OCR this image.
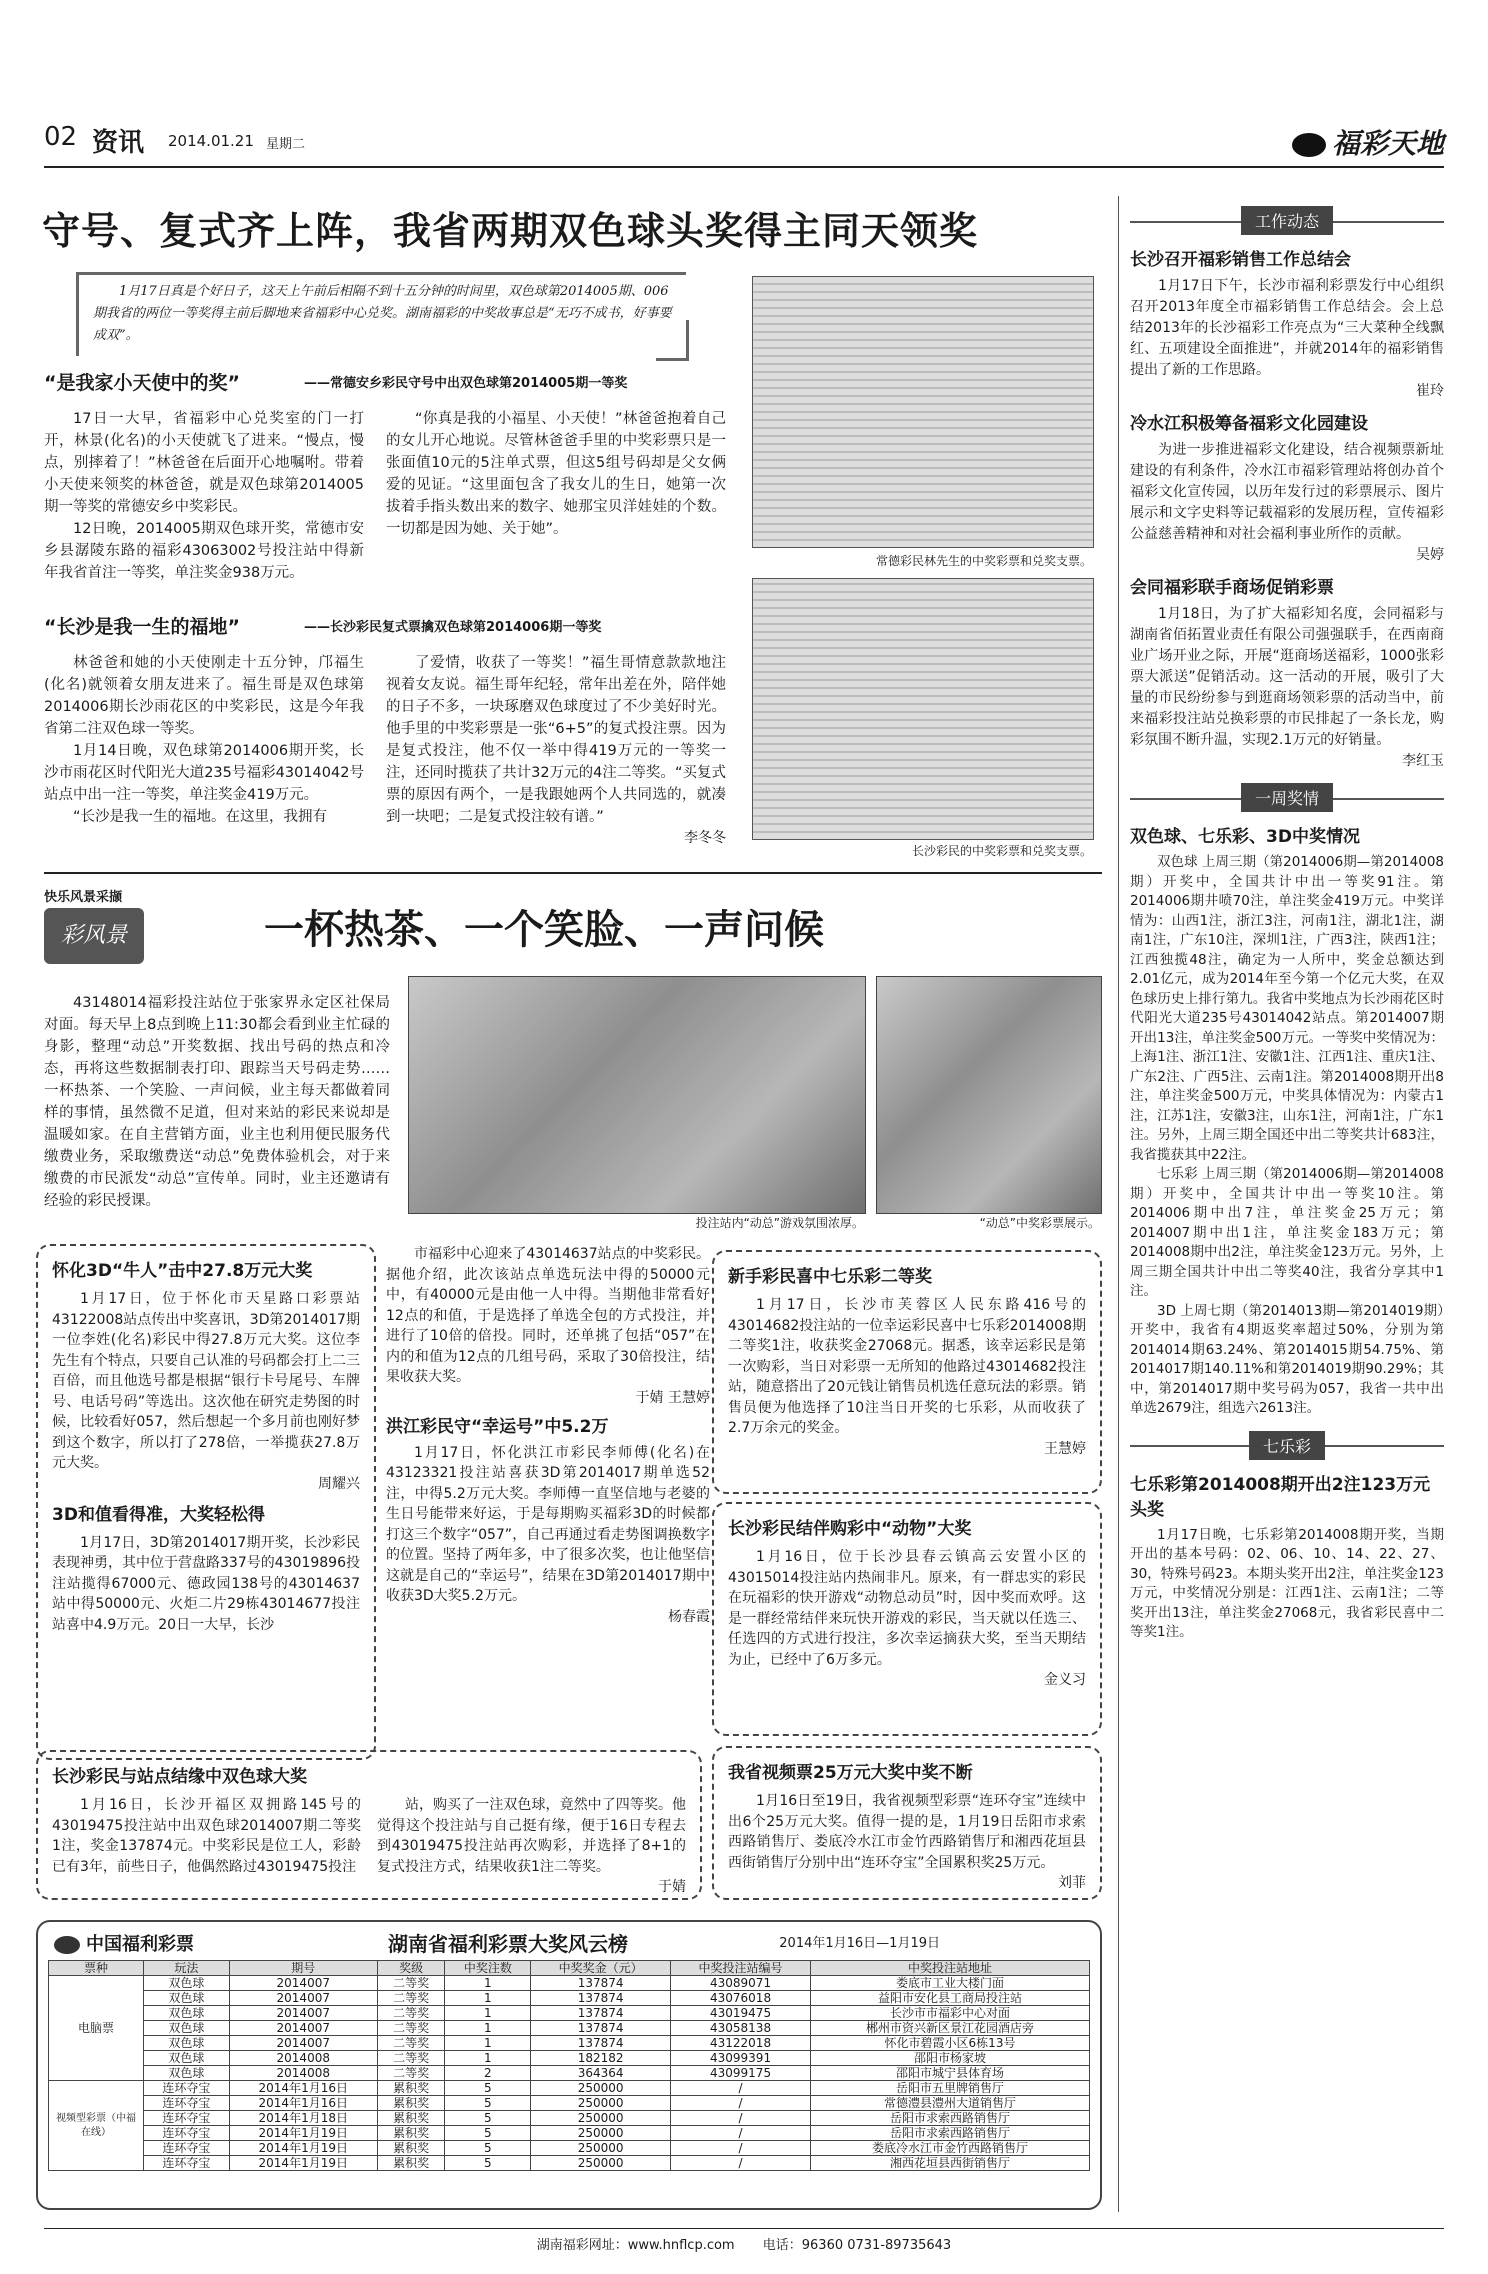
02 资讯 2014.01.21 星期二	福彩天地
守号、复式齐上阵，我省两期双色球头奖得主同天领奖

1月17日真是个好日子，这天上午前后相隔不到十五分钟的时间里，双色球第2014005期、006期我省的两位一等奖得主前后脚地来省福彩中心兑奖。湖南福彩的中奖故事总是“无巧不成书，好事要成双”。

“是我家小天使中的奖”	——常德安乡彩民守号中出双色球第2014005期一等奖

17日一大早，省福彩中心兑奖室的门一打开，林景(化名)的小天使就飞了进来。“慢点，慢点，别摔着了！”林爸爸在后面开心地嘱咐。带着小天使来领奖的林爸爸，就是双色球第2014005期一等奖的常德安乡中奖彩民。

12日晚，2014005期双色球开奖，常德市安乡县潺陵东路的福彩43063002号投注站中得新年我省首注一等奖，单注奖金938万元。

“你真是我的小福星、小天使！”林爸爸抱着自己的女儿开心地说。尽管林爸爸手里的中奖彩票只是一张面值10元的5注单式票，但这5组号码却是父女俩爱的见证。“这里面包含了我女儿的生日，她第一次拔着手指头数出来的数字、她那宝贝洋娃娃的个数。一切都是因为她、关于她”。

“长沙是我一生的福地”	——长沙彩民复式票擒双色球第2014006期一等奖

林爸爸和她的小天使刚走十五分钟，邝福生(化名)就领着女朋友进来了。福生哥是双色球第2014006期长沙雨花区的中奖彩民，这是今年我省第二注双色球一等奖。

1月14日晚，双色球第2014006期开奖，长沙市雨花区时代阳光大道235号福彩43014042号站点中出一注一等奖，单注奖金419万元。

“长沙是我一生的福地。在这里，我拥有

了爱情，收获了一等奖！”福生哥情意款款地注视着女友说。福生哥年纪轻，常年出差在外，陪伴她的日子不多，一块琢磨双色球度过了不少美好时光。他手里的中奖彩票是一张“6+5”的复式投注票。因为是复式投注，他不仅一举中得419万元的一等奖一注，还同时揽获了共计32万元的4注二等奖。“买复式票的原因有两个，一是我跟她两个人共同选的，就凑到一块吧；二是复式投注较有谱。”

李冬冬

常德彩民林先生的中奖彩票和兑奖支票。
长沙彩民的中奖彩票和兑奖支票。
快乐风景采撷
彩风景	一杯热茶、一个笑脸、一声问候

43148014福彩投注站位于张家界永定区社保局对面。每天早上8点到晚上11:30都会看到业主忙碌的身影，整理“动总”开奖数据、找出号码的热点和冷态，再将这些数据制表打印、跟踪当天号码走势……一杯热茶、一个笑脸、一声问候，业主每天都做着同样的事情，虽然微不足道，但对来站的彩民来说却是温暖如家。在自主营销方面，业主也利用便民服务代缴费业务，采取缴费送“动总”免费体验机会，对于来缴费的市民派发“动总”宣传单。同时，业主还邀请有经验的彩民授课。

投注站内“动总”游戏氛围浓厚。	“动总”中奖彩票展示。
怀化3D“牛人”击中27.8万元大奖

1月17日，位于怀化市天星路口彩票站43122008站点传出中奖喜讯，3D第2014017期一位李姓(化名)彩民中得27.8万元大奖。这位李先生有个特点，只要自己认准的号码都会打上二三百倍，而且他选号都是根据“银行卡号尾号、车牌号、电话号码”等选出。这次他在研究走势图的时候，比较看好057，然后想起一个多月前也刚好梦到这个数字，所以打了278倍，一举揽获27.8万元大奖。

周耀兴

3D和值看得准，大奖轻松得

1月17日，3D第2014017期开奖，长沙彩民表现神勇，其中位于营盘路337号的43019896投注站揽得67000元、德政园138号的43014637站中得50000元、火炬二片29栋43014677投注站喜中4.9万元。20日一大早，长沙

市福彩中心迎来了43014637站点的中奖彩民。据他介绍，此次该站点单选玩法中得的50000元中，有40000元是由他一人中得。当期他非常看好12点的和值，于是选择了单选全包的方式投注，并进行了10倍的倍投。同时，还单挑了包括“057”在内的和值为12点的几组号码，采取了30倍投注，结果收获大奖。

于婧 王慧婷

洪江彩民守“幸运号”中5.2万

1月17日，怀化洪江市彩民李师傅(化名)在43123321投注站喜获3D第2014017期单选52注，中得5.2万元大奖。李师傅一直坚信地与老婆的生日号能带来好运，于是每期购买福彩3D的时候都打这三个数字“057”，自己再通过看走势图调换数字的位置。坚持了两年多，中了很多次奖，也让他坚信这就是自己的“幸运号”，结果在3D第2014017期中收获3D大奖5.2万元。

杨春霞

新手彩民喜中七乐彩二等奖

1月17日，长沙市芙蓉区人民东路416号的43014682投注站的一位幸运彩民喜中七乐彩2014008期二等奖1注，收获奖金27068元。据悉，该幸运彩民是第一次购彩，当日对彩票一无所知的他路过43014682投注站，随意搭出了20元钱让销售员机选任意玩法的彩票。销售员便为他选择了10注当日开奖的七乐彩，从而收获了2.7万余元的奖金。

王慧婷

长沙彩民结伴购彩中“动物”大奖

1月16日，位于长沙县春云镇高云安置小区的43015014投注站内热闹非凡。原来，有一群忠实的彩民在玩福彩的快开游戏“动物总动员”时，因中奖而欢呼。这是一群经常结伴来玩快开游戏的彩民，当天就以任选三、任选四的方式进行投注，多次幸运摘获大奖，至当天期结为止，已经中了6万多元。

金义习

长沙彩民与站点结缘中双色球大奖

1月16日，长沙开福区双拥路145号的43019475投注站中出双色球2014007期二等奖1注，奖金137874元。中奖彩民是位工人，彩龄已有3年，前些日子，他偶然路过43019475投注

站，购买了一注双色球，竟然中了四等奖。他觉得这个投注站与自己挺有缘，便于16日专程去到43019475投注站再次购彩，并选择了8+1的复式投注方式，结果收获1注二等奖。

于婧

我省视频票25万元大奖中奖不断

1月16日至19日，我省视频型彩票“连环夺宝”连续中出6个25万元大奖。值得一提的是，1月19日岳阳市求索西路销售厅、娄底冷水江市金竹西路销售厅和湘西花垣县西街销售厅分别中出“连环夺宝”全国累积奖25万元。

刘菲

中国福利彩票	湖南省福利彩票大奖风云榜	2014年1月16日—1月19日
票种	玩法	期号	奖级	中奖注数	中奖奖金（元）	中奖投注站编号	中奖投注站地址
电脑票	双色球	2014007	二等奖	1	137874	43089071	娄底市工业大楼门面
	双色球	2014007	二等奖	1	137874	43076018	益阳市安化县工商局投注站
	双色球	2014007	二等奖	1	137874	43019475	长沙市市福彩中心对面
	双色球	2014007	二等奖	1	137874	43058138	郴州市资兴新区景江花园酒店旁
	双色球	2014007	二等奖	1	137874	43122018	怀化市碧霞小区6栋13号
	双色球	2014008	二等奖	1	182182	43099391	邵阳市杨家坡
	双色球	2014008	二等奖	2	364364	43099175	邵阳市城宁县体育场
视频型彩票（中福在线）	连环夺宝	2014年1月16日	累积奖	5	250000	/	岳阳市五里牌销售厅
	连环夺宝	2014年1月16日	累积奖	5	250000	/	常德澧县澧州大道销售厅
	连环夺宝	2014年1月18日	累积奖	5	250000	/	岳阳市求索西路销售厅
	连环夺宝	2014年1月19日	累积奖	5	250000	/	岳阳市求索西路销售厅
	连环夺宝	2014年1月19日	累积奖	5	250000	/	娄底冷水江市金竹西路销售厅
	连环夺宝	2014年1月19日	累积奖	5	250000	/	湘西花垣县西街销售厅
湖南福彩网址：www.hnflcp.com 电话：96360 0731-89735643
工作动态
长沙召开福彩销售工作总结会

1月17日下午，长沙市福利彩票发行中心组织召开2013年度全市福彩销售工作总结会。会上总结2013年的长沙福彩工作亮点为“三大菜种全线飘红、五项建设全面推进”，并就2014年的福彩销售提出了新的工作思路。

崔玲

冷水江积极筹备福彩文化园建设

为进一步推进福彩文化建设，结合视频票新址建设的有利条件，冷水江市福彩管理站将创办首个福彩文化宣传园，以历年发行过的彩票展示、图片展示和文字史料等记载福彩的发展历程，宣传福彩公益慈善精神和对社会福利事业所作的贡献。

吴婷

会同福彩联手商场促销彩票

1月18日，为了扩大福彩知名度，会同福彩与湖南省佰拓置业责任有限公司强强联手，在西南商业广场开业之际，开展“逛商场送福彩，1000张彩票大派送”促销活动。这一活动的开展，吸引了大量的市民纷纷参与到逛商场领彩票的活动当中，前来福彩投注站兑换彩票的市民排起了一条长龙，购彩氛围不断升温，实现2.1万元的好销量。

李红玉

一周奖情
双色球、七乐彩、3D中奖情况

双色球 上周三期（第2014006期—第2014008期）开奖中，全国共计中出一等奖91注。第2014006期井喷70注，单注奖金419万元。中奖详情为：山西1注，浙江3注，河南1注，湖北1注，湖南1注，广东10注，深圳1注，广西3注，陕西1注；江西独揽48注，确定为一人所中，奖金总额达到2.01亿元，成为2014年至今第一个亿元大奖，在双色球历史上排行第九。我省中奖地点为长沙雨花区时代阳光大道235号43014042站点。第2014007期开出13注，单注奖金500万元。一等奖中奖情况为：上海1注、浙江1注、安徽1注、江西1注、重庆1注、广东2注、广西5注、云南1注。第2014008期开出8注，单注奖金500万元，中奖具体情况为：内蒙古1注，江苏1注，安徽3注，山东1注，河南1注，广东1注。另外，上周三期全国还中出二等奖共计683注，我省揽获其中22注。

七乐彩 上周三期（第2014006期—第2014008期）开奖中，全国共计中出一等奖10注。第2014006期中出7注，单注奖金25万元；第2014007期中出1注，单注奖金183万元；第2014008期中出2注，单注奖金123万元。另外，上周三期全国共计中出二等奖40注，我省分享其中1注。

3D 上周七期（第2014013期—第2014019期）开奖中，我省有4期返奖率超过50%，分别为第2014014期63.24%、第2014015期54.75%、第2014017期140.11%和第2014019期90.29%；其中，第2014017期中奖号码为057，我省一共中出单选2679注，组选六2613注。

七乐彩
七乐彩第2014008期开出2注123万元头奖

1月17日晚，七乐彩第2014008期开奖，当期开出的基本号码：02、06、10、14、22、27、30，特殊号码23。本期头奖开出2注，单注奖金123万元，中奖情况分别是：江西1注、云南1注；二等奖开出13注，单注奖金27068元，我省彩民喜中二等奖1注。
